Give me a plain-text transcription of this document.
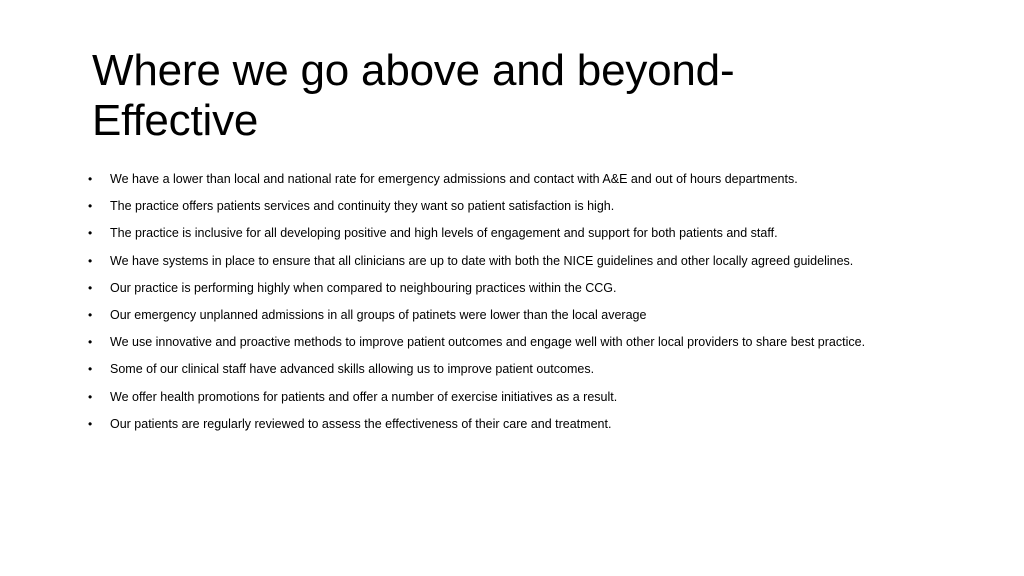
Where we go above and beyond-
Effective
• We have a lower than local and national rate for emergency admissions and contact with A&E and out of hours departments.
• The practice offers patients services and continuity they want so patient satisfaction is high.
• The practice is inclusive for all developing positive and high levels of engagement and support for both patients and staff.
• We have systems in place to ensure that all clinicians are up to date with both the NICE guidelines and other locally agreed guidelines.
• Our practice is performing highly when compared to neighbouring practices within the CCG.
• Our emergency unplanned admissions in all groups of patinets were lower than the local average
• We use innovative and proactive methods to improve patient outcomes and engage well with other local providers to share best practice.
• Some of our clinical staff have advanced skills allowing us to improve patient outcomes.
• We offer health promotions for patients and offer a number of exercise initiatives as a result.
• Our patients are regularly reviewed to assess the effectiveness of their care and treatment.
